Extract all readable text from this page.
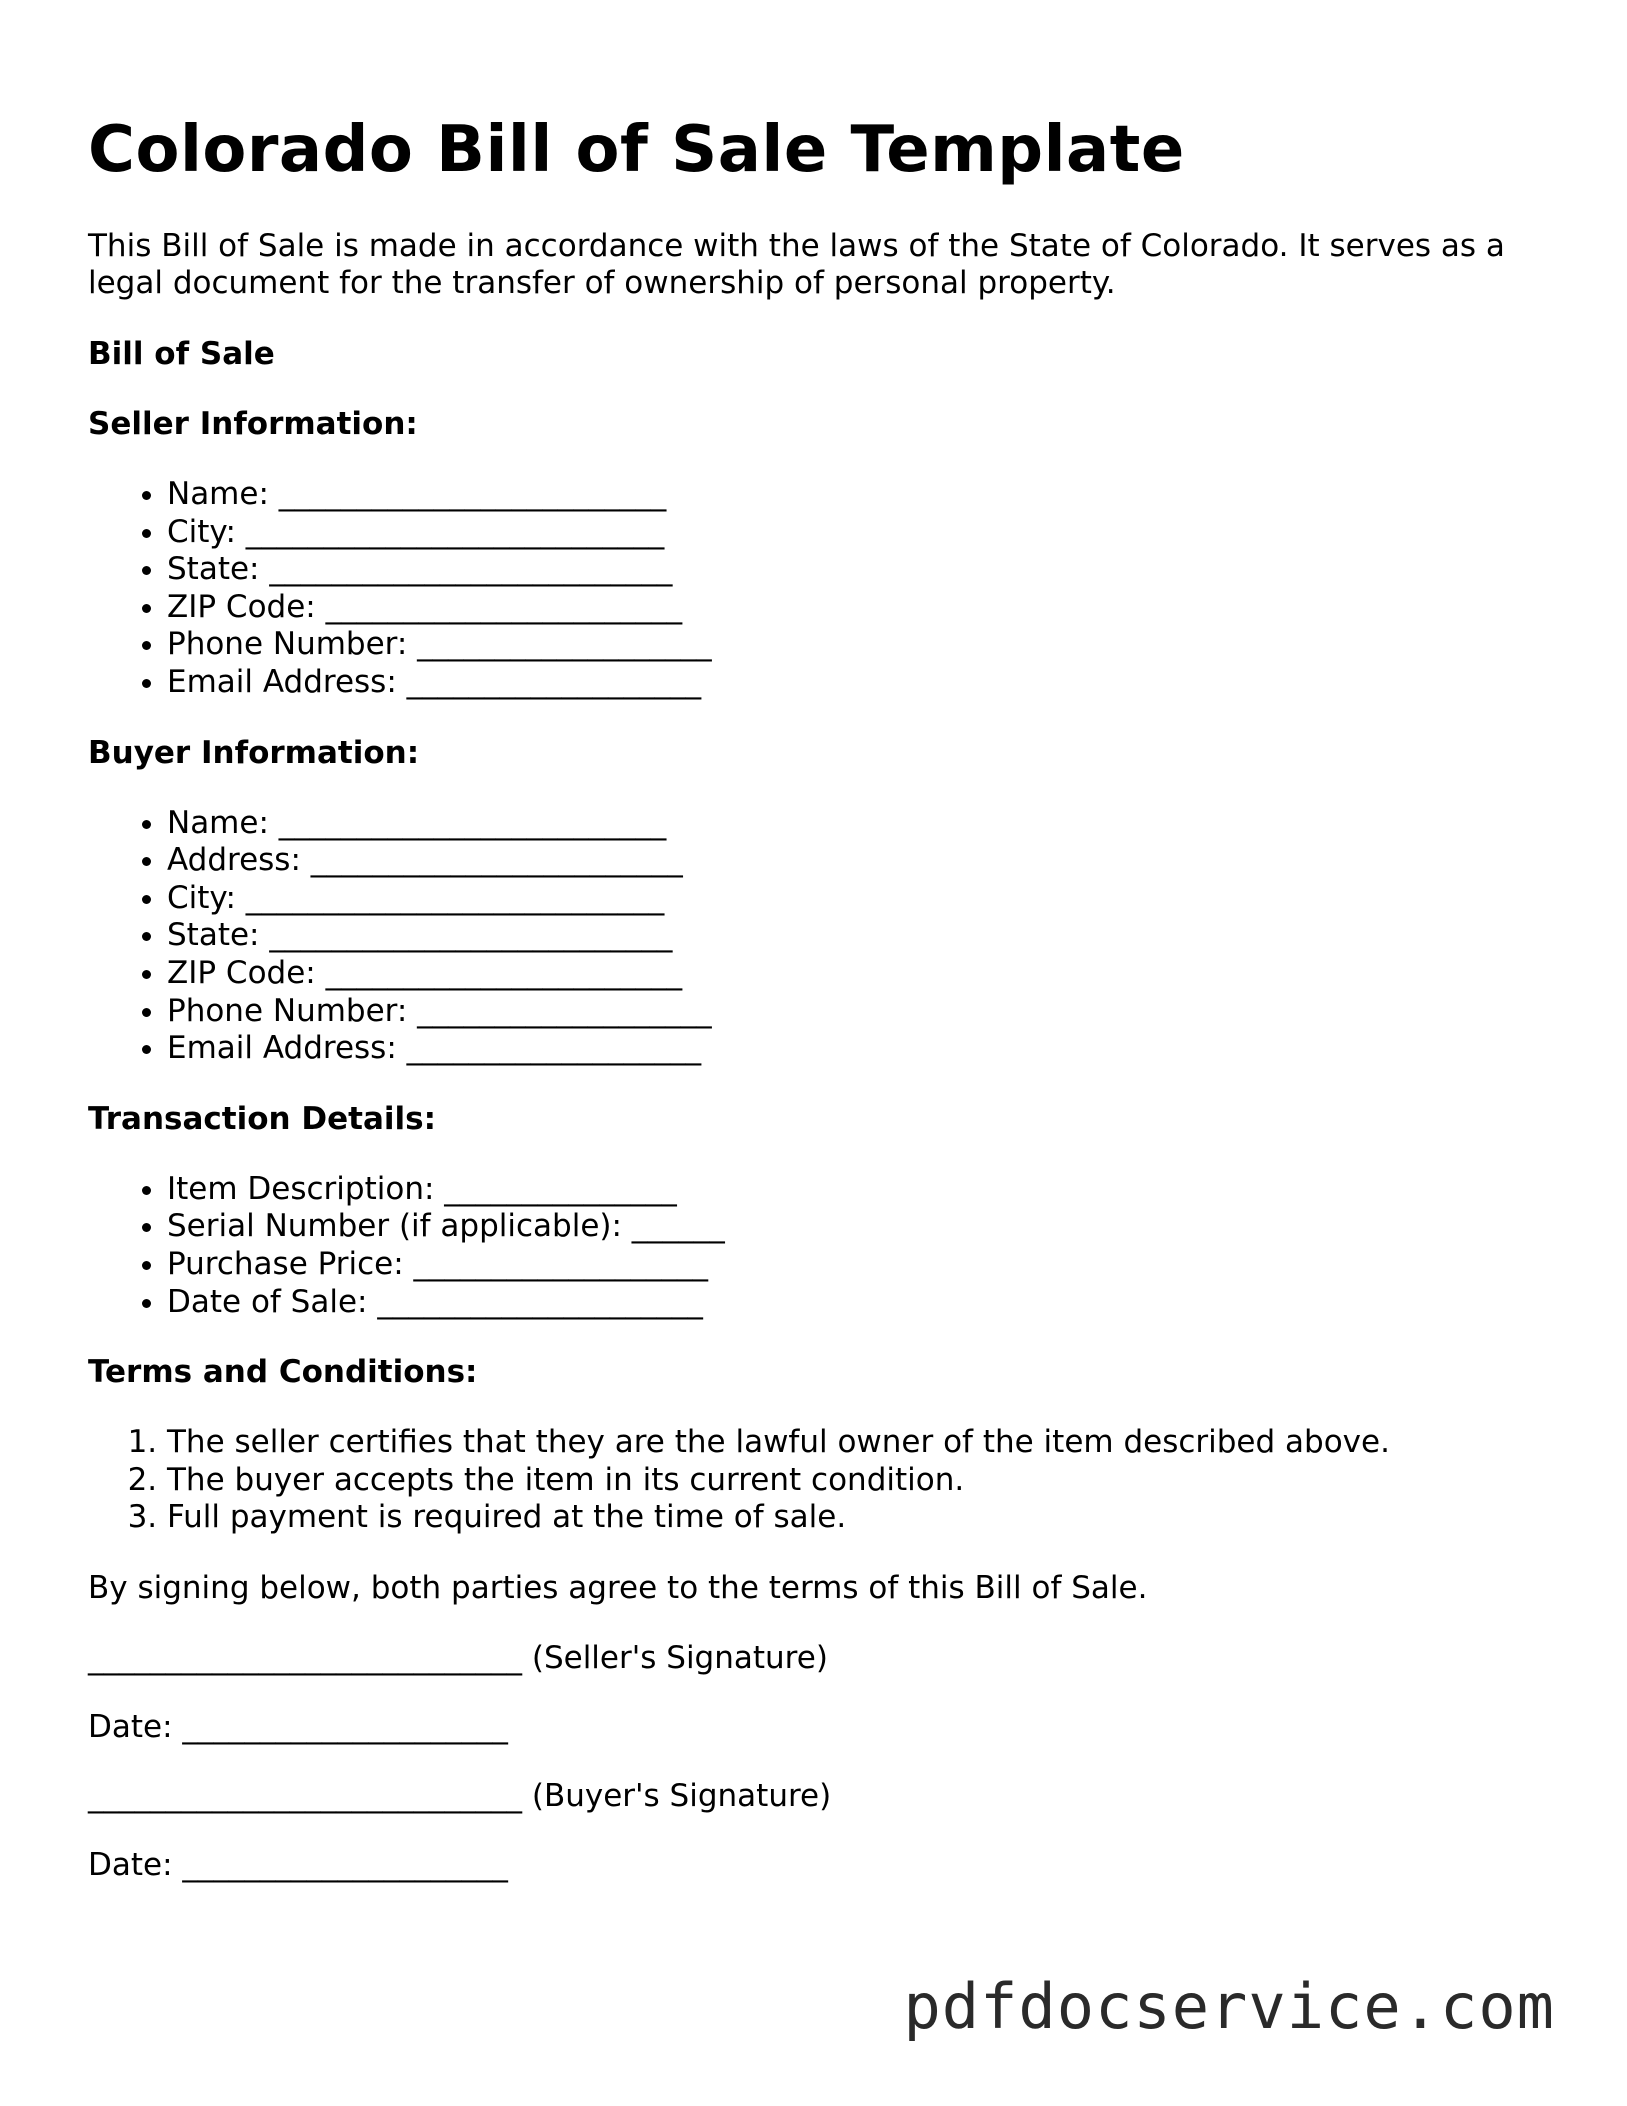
Colorado Bill of Sale Template

This Bill of Sale is made in accordance with the laws of the State of Colorado. It serves as a legal document for the transfer of ownership of personal property.

Bill of Sale
Seller Information:
• Name: _________________________
• City: ___________________________
• State: __________________________
• ZIP Code: _______________________
• Phone Number: ___________________
• Email Address: ___________________
Buyer Information:
• Name: _________________________
• Address: ________________________
• City: ___________________________
• State: __________________________
• ZIP Code: _______________________
• Phone Number: ___________________
• Email Address: ___________________
Transaction Details:
• Item Description: _______________
• Serial Number (if applicable): ______
• Purchase Price: ___________________
• Date of Sale: _____________________
Terms and Conditions:
1. The seller certifies that they are the lawful owner of the item described above.
2. The buyer accepts the item in its current condition.
3. Full payment is required at the time of sale.

By signing below, both parties agree to the terms of this Bill of Sale.

____________________________ (Seller's Signature)
Date: _____________________
____________________________ (Buyer's Signature)
Date: _____________________
pdfdocservice.com
